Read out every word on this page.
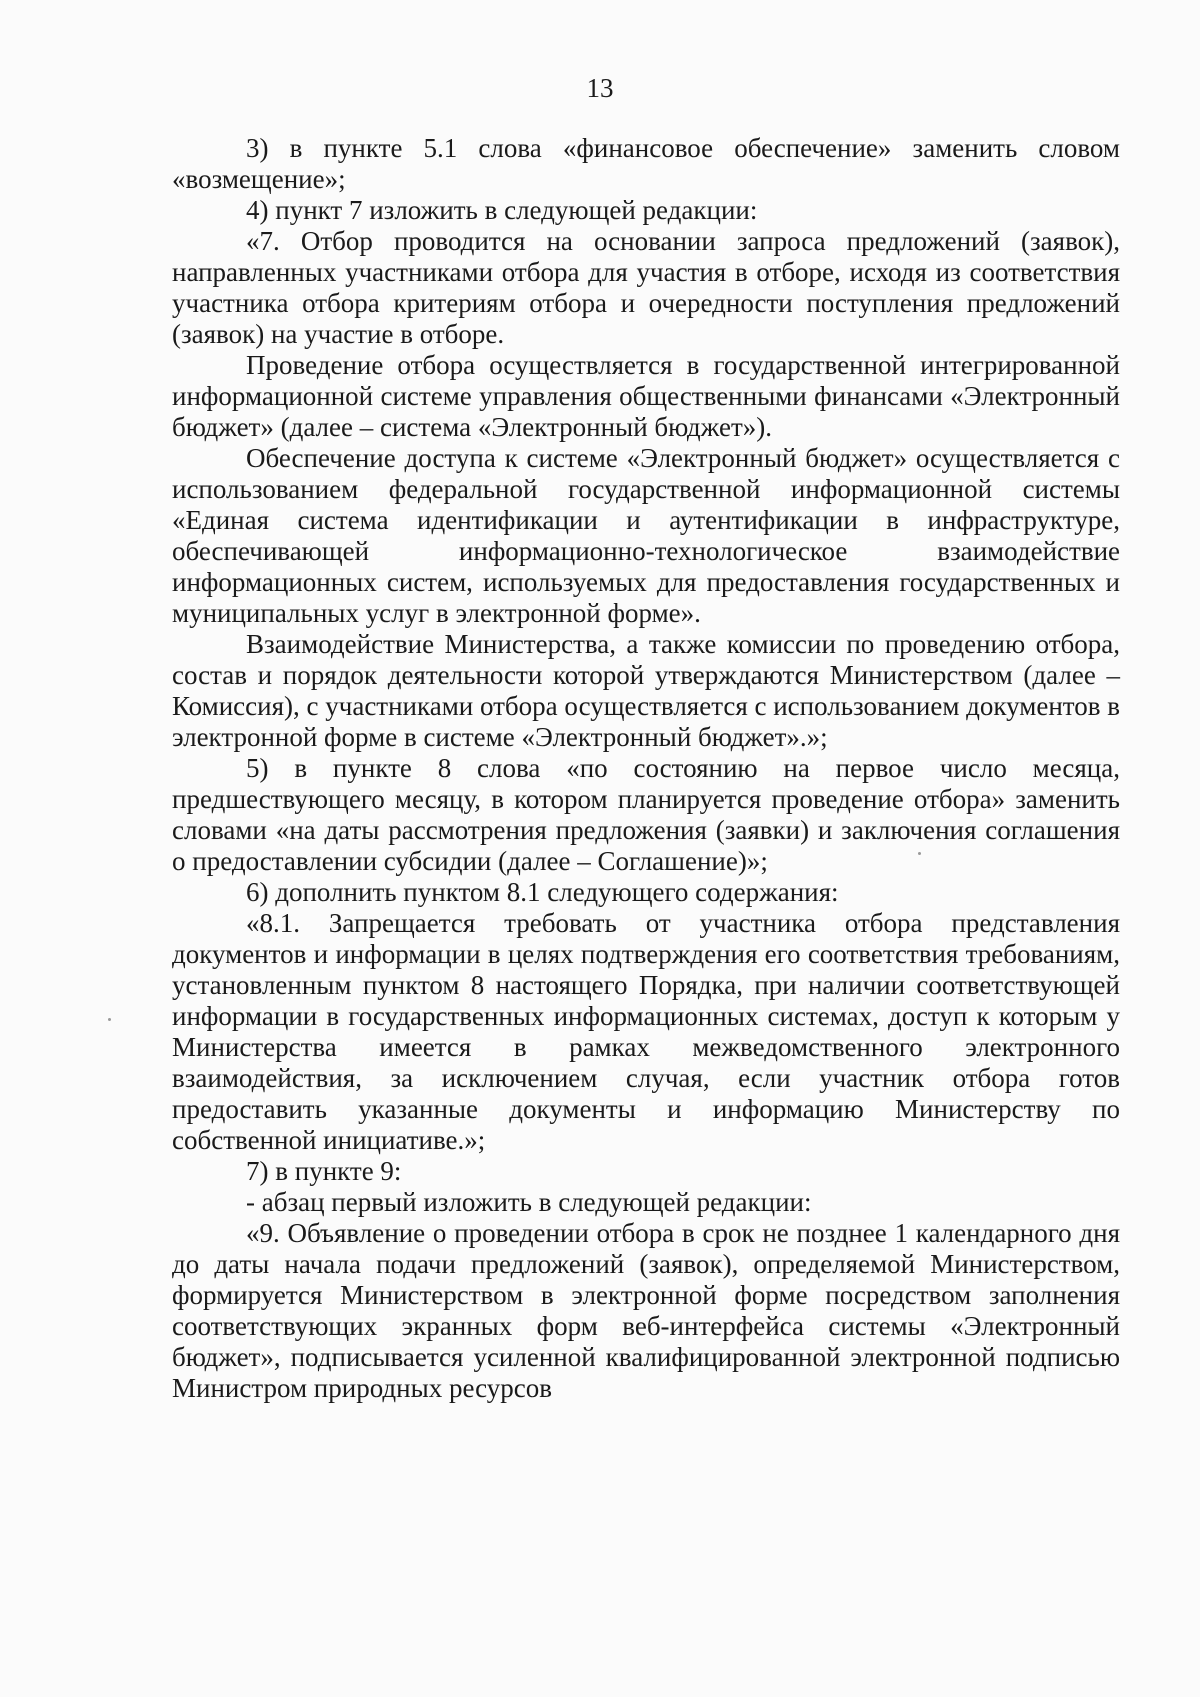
13

3) в пункте 5.1 слова «финансовое обеспечение» заменить словом «возмещение»;

4) пункт 7 изложить в следующей редакции:

«7. Отбор проводится на основании запроса предложений (заявок), направленных участниками отбора для участия в отборе, исходя из соответствия участника отбора критериям отбора и очередности поступления предложений (заявок) на участие в отборе.

Проведение отбора осуществляется в государственной интегрированной информационной системе управления общественными финансами «Электронный бюджет» (далее – система «Электронный бюджет»).

Обеспечение доступа к системе «Электронный бюджет» осуществляется с использованием федеральной государственной информационной системы «Единая система идентификации и аутентификации в инфраструктуре, обеспечивающей информационно-технологическое взаимодействие информационных систем, используемых для предоставления государственных и муниципальных услуг в электронной форме».

Взаимодействие Министерства, а также комиссии по проведению отбора, состав и порядок деятельности которой утверждаются Министерством (далее – Комиссия), с участниками отбора осуществляется с использованием документов в электронной форме в системе «Электронный бюджет».»;

5) в пункте 8 слова «по состоянию на первое число месяца, предшествующего месяцу, в котором планируется проведение отбора» заменить словами «на даты рассмотрения предложения (заявки) и заключения соглашения о предоставлении субсидии (далее – Соглашение)»;

6) дополнить пунктом 8.1 следующего содержания:

«8.1. Запрещается требовать от участника отбора представления документов и информации в целях подтверждения его соответствия требованиям, установленным пунктом 8 настоящего Порядка, при наличии соответствующей информации в государственных информационных системах, доступ к которым у Министерства имеется в рамках межведомственного электронного взаимодействия, за исключением случая, если участник отбора готов предоставить указанные документы и информацию Министерству по собственной инициативе.»;

7) в пункте 9:

- абзац первый изложить в следующей редакции:

«9. Объявление о проведении отбора в срок не позднее 1 календарного дня до даты начала подачи предложений (заявок), определяемой Министерством, формируется Министерством в электронной форме посредством заполнения соответствующих экранных форм веб-интерфейса системы «Электронный бюджет», подписывается усиленной квалифицированной электронной подписью Министром природных ресурсов
